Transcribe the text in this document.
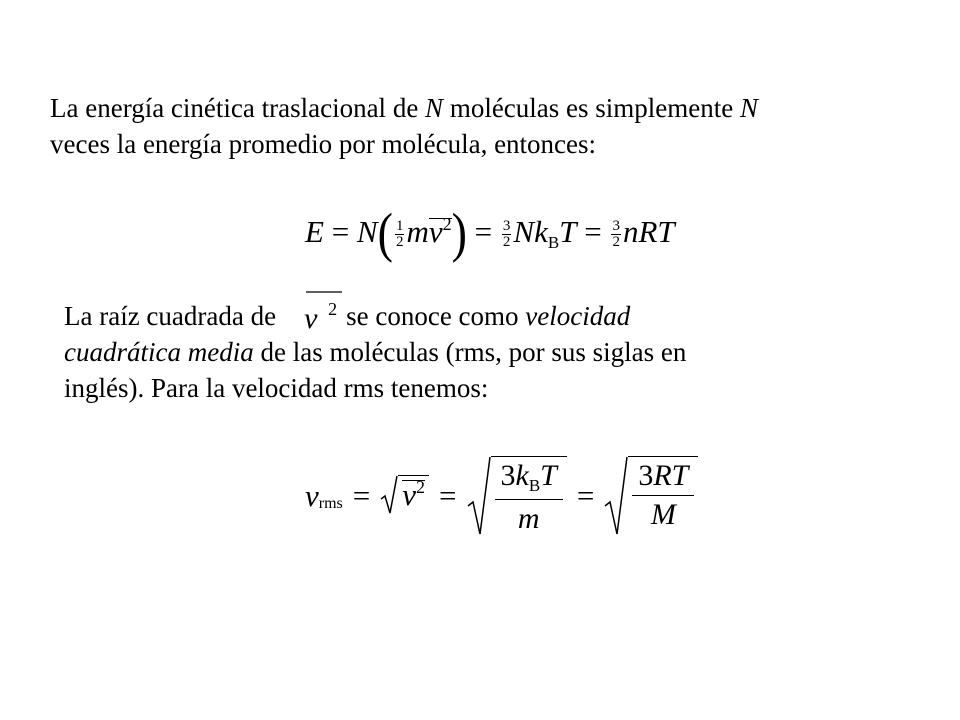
La energía cinética traslacional de N moléculas es simplemente N
veces la energía promedio por molécula, entonces:

$E = N( \frac{1}{2} mv^2) = \frac{3}{2}$ NkBT = $\frac{3}{2}$ nRT

La raíz cuadrada de v 2 se conoce como velocidad
cuadrática media de las moléculas (rms, por sus siglas en
inglés). Para la velocidad rms tenemos:

v rms = $v^2 = \frac{3k_BT}{m} = \frac{3RT}{M}$
